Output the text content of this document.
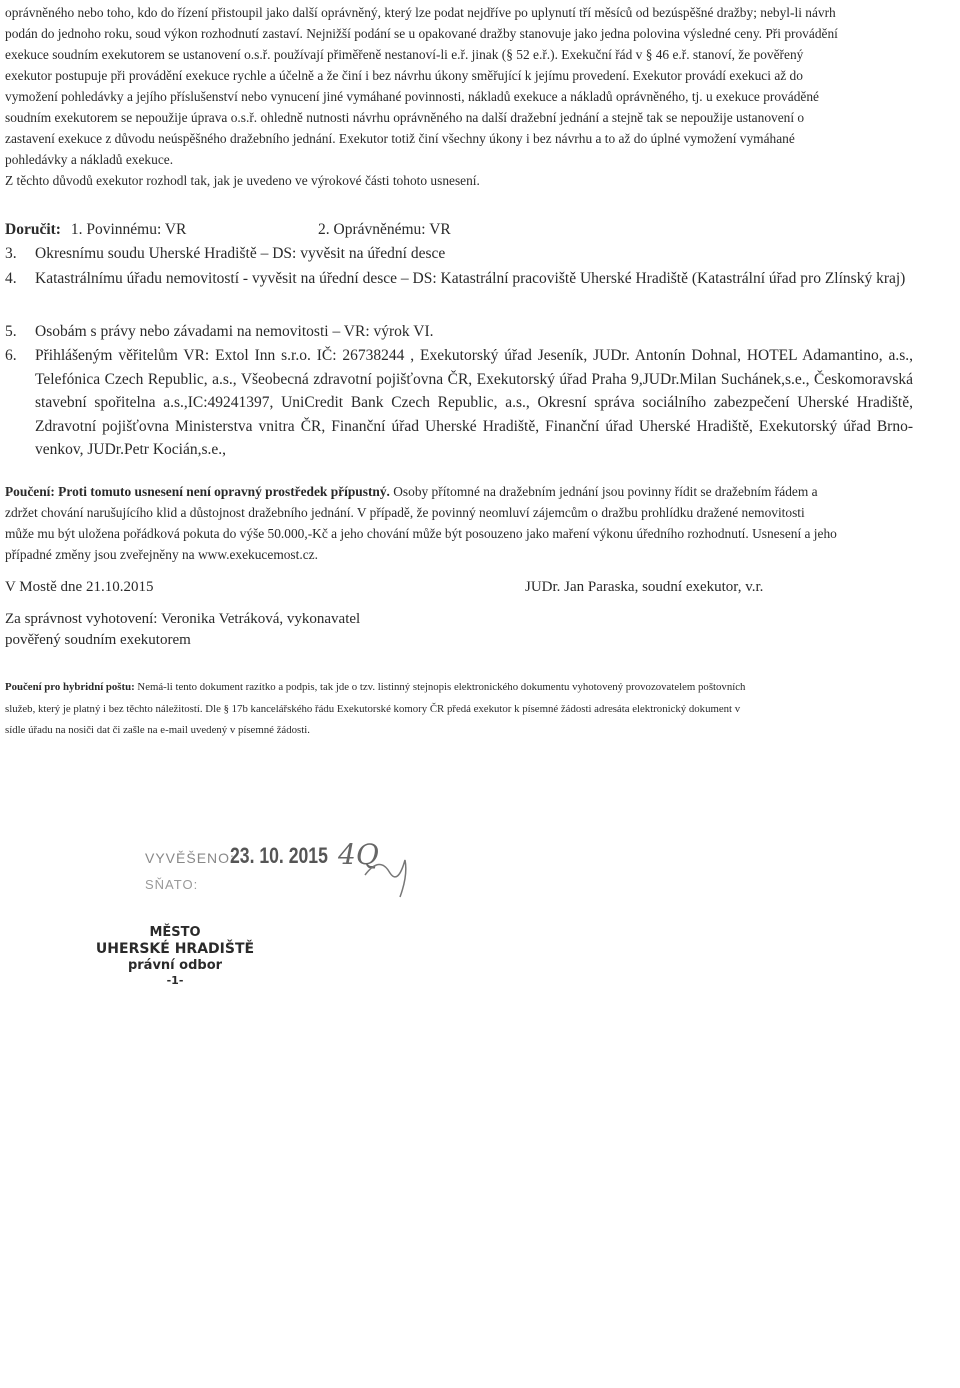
oprávněného nebo toho, kdo do řízení přistoupil jako další oprávněný, který lze podat nejdříve po uplynutí tří měsíců od bezúspěšné dražby; nebyl-li návrh
podán do jednoho roku, soud výkon rozhodnutí zastaví. Nejnižší podání se u opakované dražby stanovuje jako jedna polovina výsledné ceny. Při provádění
exekuce soudním exekutorem se ustanovení o.s.ř. používají přiměřeně nestanoví-li e.ř. jinak (§ 52 e.ř.). Exekuční řád v § 46 e.ř. stanoví, že pověřený
exekutor postupuje při provádění exekuce rychle a účelně a že činí i bez návrhu úkony směřující k jejímu provedení. Exekutor provádí exekuci až do
vymožení pohledávky a jejího příslušenství nebo vynucení jiné vymáhané povinnosti, nákladů exekuce a nákladů oprávněného, tj. u exekuce prováděné
soudním exekutorem se nepoužije úprava o.s.ř. ohledně nutnosti návrhu oprávněného na další dražební jednání a stejně tak se nepoužije ustanovení o
zastavení exekuce z důvodu neúspěšného dražebního jednání. Exekutor totiž činí všechny úkony i bez návrhu a to až do úplné vymožení vymáhané
pohledávky a nákladů exekuce.
Z těchto důvodů exekutor rozhodl tak, jak je uvedeno ve výrokové části tohoto usnesení.
Doručit: 1. Povinnému: VR	2. Oprávněnému: VR
3.	Okresnímu soudu Uherské Hradiště – DS: vyvěsit na úřední desce
4.	Katastrálnímu úřadu nemovitostí - vyvěsit na úřední desce – DS: Katastrální pracoviště Uherské Hradiště (Katastrální úřad pro Zlínský kraj)
5.	Osobám s právy nebo závadami na nemovitosti – VR: výrok VI.
6.	Přihlášeným věřitelům VR: Extol Inn s.r.o. IČ: 26738244 , Exekutorský úřad Jeseník, JUDr. Antonín Dohnal, HOTEL Adamantino, a.s., Telefónica Czech Republic, a.s., Všeobecná zdravotní pojišťovna ČR, Exekutorský úřad Praha 9,JUDr.Milan Suchánek,s.e., Českomoravská stavební spořitelna a.s.,IC:49241397, UniCredit Bank Czech Republic, a.s., Okresní správa sociálního zabezpečení Uherské Hradiště, Zdravotní pojišťovna Ministerstva vnitra ČR, Finanční úřad Uherské Hradiště, Finanční úřad Uherské Hradiště, Exekutorský úřad Brno-venkov, JUDr.Petr Kocián,s.e.,
Poučení: Proti tomuto usnesení není opravný prostředek přípustný. Osoby přítomné na dražebním jednání jsou povinny řídit se dražebním řádem a
zdržet chování narušujícího klid a důstojnost dražebního jednání. V případě, že povinný neomluví zájemcům o dražbu prohlídku dražené nemovitosti
může mu být uložena pořádková pokuta do výše 50.000,-Kč a jeho chování může být posouzeno jako maření výkonu úředního rozhodnutí. Usnesení a jeho
případné změny jsou zveřejněny na www.exekucemost.cz.
V Mostě dne 21.10.2015	JUDr. Jan Paraska, soudní exekutor, v.r.
Za správnost vyhotovení: Veronika Vetráková, vykonavatel
pověřený soudním exekutorem
Poučení pro hybridní poštu: Nemá-li tento dokument razítko a podpis, tak jde o tzv. listinný stejnopis elektronického dokumentu vyhotovený provozovatelem poštovních
služeb, který je platný i bez těchto náležitostí. Dle § 17b kancelářského řádu Exekutorské komory ČR předá exekutor k písemné žádosti adresáta elektronický dokument v
sídle úřadu na nosiči dat či zašle na e-mail uvedený v písemné žádosti.
VYVĚŠENO:
23. 10. 2015 4Q
SŇATO:
MĚSTO
UHERSKÉ HRADIŠTĚ
právní odbor
-1-
